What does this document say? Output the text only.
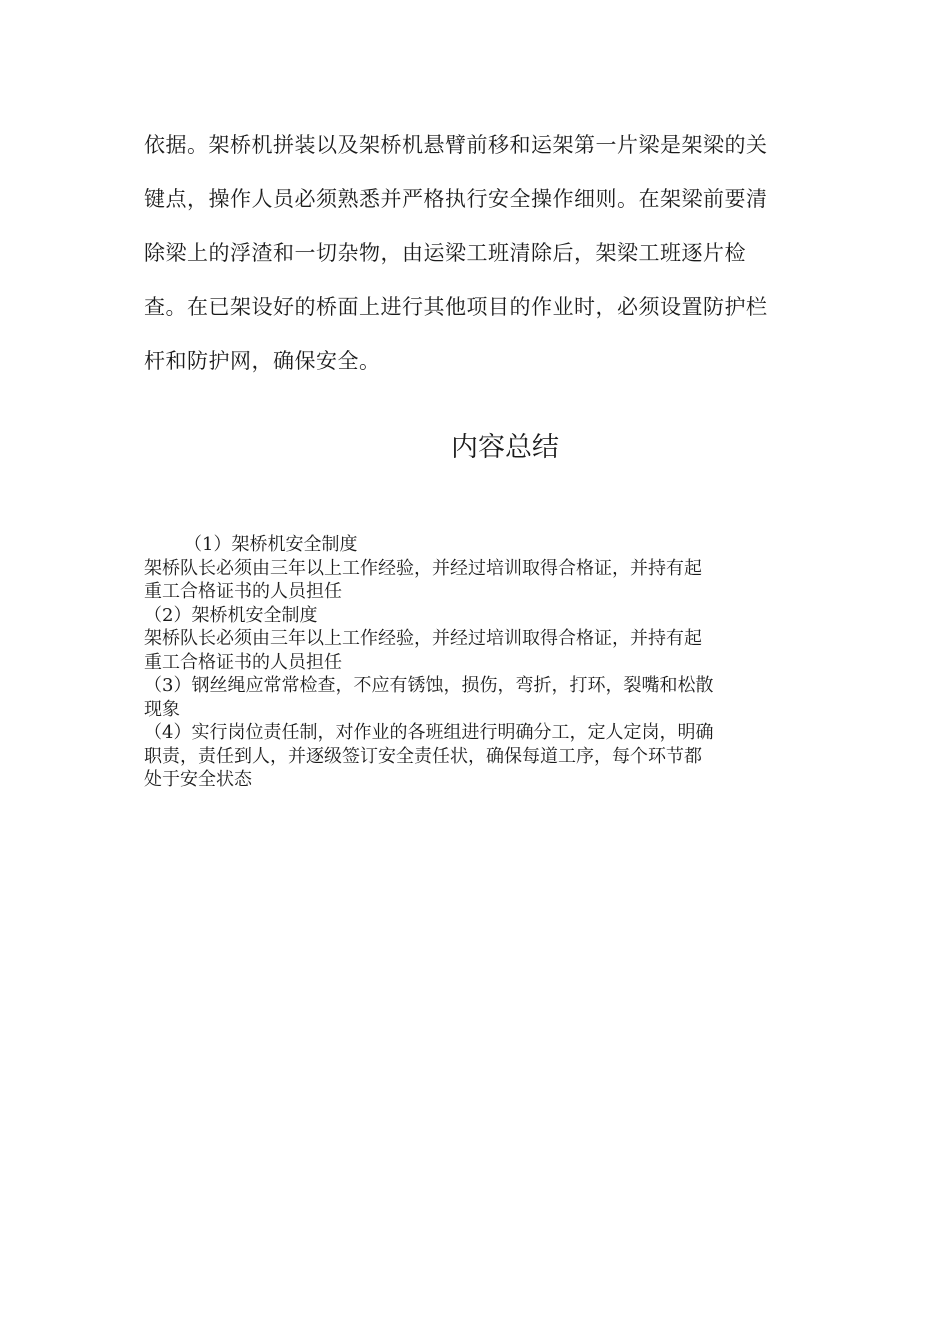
依据。架桥机拼装以及架桥机悬臂前移和运架第一片梁是架梁的关
键点，操作人员必须熟悉并严格执行安全操作细则。在架梁前要清
除梁上的浮渣和一切杂物，由运梁工班清除后，架梁工班逐片检
查。在已架设好的桥面上进行其他项目的作业时，必须设置防护栏
杆和防护网，确保安全。

内容总结
（1）架桥机安全制度
架桥队长必须由三年以上工作经验，并经过培训取得合格证，并持有起
重工合格证书的人员担任
（2）架桥机安全制度
架桥队长必须由三年以上工作经验，并经过培训取得合格证，并持有起
重工合格证书的人员担任
（3）钢丝绳应常常检查，不应有锈蚀，损伤，弯折，打环，裂嘴和松散
现象
（4）实行岗位责任制，对作业的各班组进行明确分工，定人定岗，明确
职责，责任到人，并逐级签订安全责任状，确保每道工序，每个环节都
处于安全状态
